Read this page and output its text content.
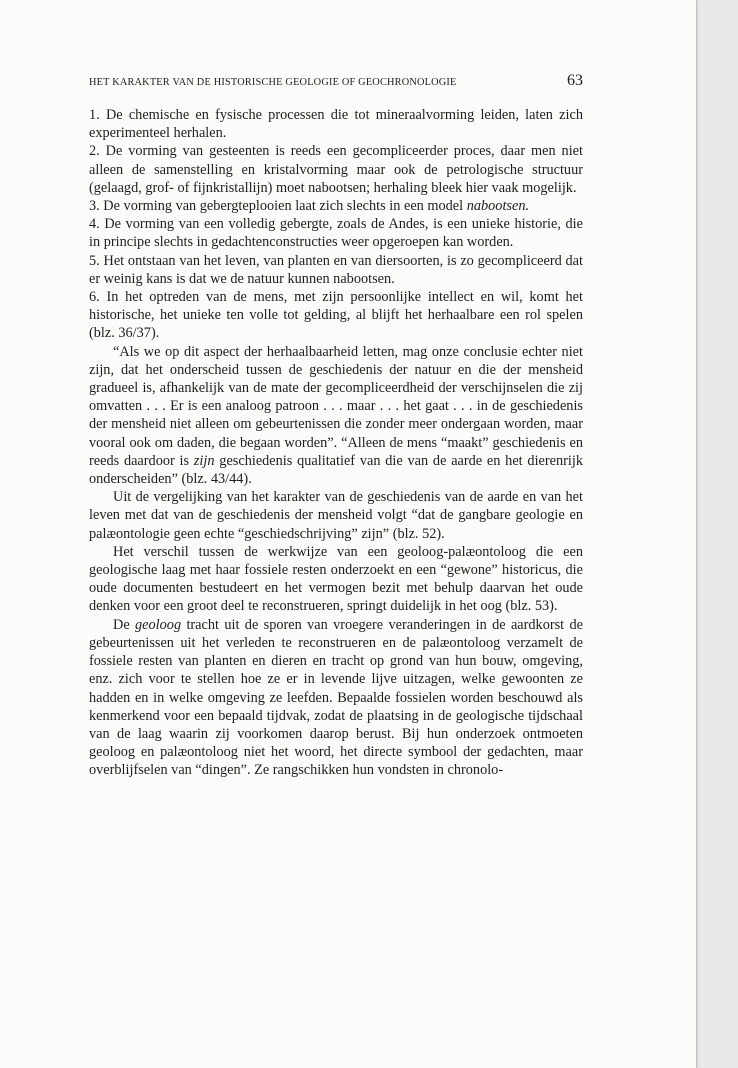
HET KARAKTER VAN DE HISTORISCHE GEOLOGIE OF GEOCHRONOLOGIE	63

1. De chemische en fysische processen die tot mineraalvorming leiden, laten zich experimenteel herhalen.

2. De vorming van gesteenten is reeds een gecompliceerder proces, daar men niet alleen de samenstelling en kristalvorming maar ook de petrologische structuur (gelaagd, grof- of fijnkristallijn) moet nabootsen; herhaling bleek hier vaak mogelijk.

3. De vorming van gebergteplooien laat zich slechts in een model nabootsen.

4. De vorming van een volledig gebergte, zoals de Andes, is een unieke historie, die in principe slechts in gedachtenconstructies weer opgeroepen kan worden.

5. Het ontstaan van het leven, van planten en van diersoorten, is zo gecompliceerd dat er weinig kans is dat we de natuur kunnen nabootsen.

6. In het optreden van de mens, met zijn persoonlijke intellect en wil, komt het historische, het unieke ten volle tot gelding, al blijft het herhaalbare een rol spelen (blz. 36/37).

“Als we op dit aspect der herhaalbaarheid letten, mag onze conclusie echter niet zijn, dat het onderscheid tussen de geschiedenis der natuur en die der mensheid gradueel is, afhankelijk van de mate der gecompliceerdheid der verschijnselen die zij omvatten . . . Er is een analoog patroon . . . maar . . . het gaat . . . in de geschiedenis der mensheid niet alleen om gebeurtenissen die zonder meer ondergaan worden, maar vooral ook om daden, die begaan worden”. “Alleen de mens “maakt” geschiedenis en reeds daardoor is zijn geschiedenis qualitatief van die van de aarde en het dierenrijk onderscheiden” (blz. 43/44).

Uit de vergelijking van het karakter van de geschiedenis van de aarde en van het leven met dat van de geschiedenis der mensheid volgt “dat de gangbare geologie en palæontologie geen echte “geschiedschrijving” zijn” (blz. 52).

Het verschil tussen de werkwijze van een geoloog-palæontoloog die een geologische laag met haar fossiele resten onderzoekt en een “gewone” historicus, die oude documenten bestudeert en het vermogen bezit met behulp daarvan het oude denken voor een groot deel te reconstrueren, springt duidelijk in het oog (blz. 53).

De geoloog tracht uit de sporen van vroegere veranderingen in de aardkorst de gebeurtenissen uit het verleden te reconstrueren en de palæontoloog verzamelt de fossiele resten van planten en dieren en tracht op grond van hun bouw, omgeving, enz. zich voor te stellen hoe ze er in levende lijve uitzagen, welke gewoonten ze hadden en in welke omgeving ze leefden. Bepaalde fossielen worden beschouwd als kenmerkend voor een bepaald tijdvak, zodat de plaatsing in de geologische tijdschaal van de laag waarin zij voorkomen daarop berust. Bij hun onderzoek ontmoeten geoloog en palæontoloog niet het woord, het directe symbool der gedachten, maar overblijfselen van “dingen”. Ze rangschikken hun vondsten in chronolo-
